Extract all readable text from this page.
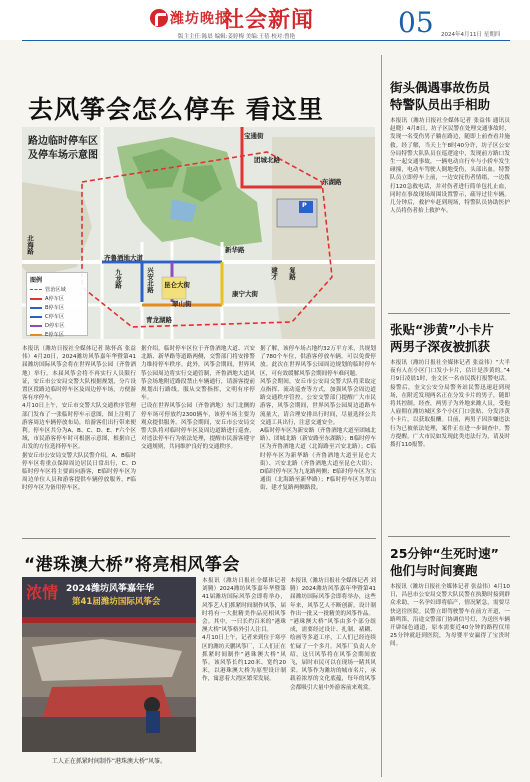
潍坊晚报
社会新闻
版主主任:陈晨 编辑:姜婷梅 美编:王蓓 校对:曾艳	05 2024年4月11日 星期四
去风筝会怎么停车 看这里
路边临时停车区
及停车场示意图
宝通街
团城北路
东湖路
北海路
齐鲁酒地大道
九龙路	兴安北路
新华路
昆仑大街
青龙湖路
康宁大街
建才 复路
翠山街
P
图例
管治区域
A停车区
B停车区
C停车区
D停车区
E停车区
本报讯（潍坊日报社全媒体记者 陈怀高 张益伟）4月20日，2024潍坊风筝嘉年华暨第41届潍坊国际风筝会将在世界风筝公园（齐鲁酒地）举行。本届风筝会将不再实行人员限行证，安丘市公安局交警大队根据规划，分片设置区段路边临时停车区及周边停车场，方便游客有序停车。
4月10日上午，安丘市交警大队交通秩序管理部门发布了一张临时停车示意图，图上注明了游客周边车辆停放布局，给游客们出行带来便利。停车区共分为A、B、C、D、E、F六个区域，市民游客停车时可根据示意图，根据自己出发的方位选择停车区。
据安丘市公安局交警大队民警介绍，A、B临时停车区将重点保障周边居民日常出行，C、D临时停车区将主要面向游客，E临时停车区为周边单位人员和游客提供车辆停放服务，F临时停车区为备用停车区。
据介绍，临时停车区位于齐鲁酒地大道、兴安北路、新华路等道路两侧，交警部门将安排警力维持停车秩序。此外，风筝会期间，世界风筝公园周边将实行交通管制，齐鲁酒地大道风筝会场地附近路段禁止车辆通行，请游客提前规划出行路线，服从交警指挥，文明有序停车。
已设在世界风筝公园（齐鲁酒地）东门北侧的停车场可停放约2300辆车，该停车场主要为观众提供服务。风筝会期间，安丘市公安局交警大队将对临时停车区及周边道路进行巡查，对违法停车行为依法处理，提醒市民游客遵守交通规则，共同维护良好的交通秩序。
据了解，该停车场占地约32万平方米，共规划了780个车位，供游客停放车辆，可以免费停放。此次在世界风筝公园周边规划的临时停车区，可有效缓解风筝会期间停车难问题。
风筝会期间，安丘市公安局交警大队将采取定点指挥、流动巡查等方式，加强风筝会周边道路交通秩序管控。公安交警部门提醒广大市民游客，风筝会期间，世界风筝公园周边道路车流量大，请合理安排出行时间，尽量选择公共交通工具出行，注意交通安全。
A临时停车区为新安路（齐鲁酒地大道至团城北路）、团城北路（新安路至东湖路）；B临时停车区为齐鲁酒地大道（北海路至兴安北路）；C临时停车区为新华路（齐鲁酒地大道至昆仑大街）、兴安北路（齐鲁酒地大道至昆仑大街）；D临时停车区为九龙路两侧；E临时停车区为宝通街（北海路至新华路）；F临时停车区为翠山街、建才复路两侧路段。
街头偶遇事故伤员
特警队员出手相助
本报讯（潍坊日报社全媒体记者 张益伟 通讯员 赵晓）4月8日，坊子区民警在处理交通事故时，发现一名受伤男子躺在路边，随即上前查看并施救。经了解，当天上午8时40分许，坊子区公安分局特警大队队员在巡逻途中，发现前方路口发生一起交通事故，一辆电动自行车与小轿车发生碰撞，电动车驾驶人倒地受伤，头部出血。特警队员立即停车上前，一边安抚伤者情绪，一边拨打120急救电话，并对伤者进行简单包扎止血，同时在事故现场周围设置警示，疏导过往车辆。几分钟后，救护车赶到现场，特警队员协助医护人员将伤者抬上救护车。
张贴“涉黄”小卡片
两男子深夜被抓获
本报讯（潍坊日报社全媒体记者 张益伟）“大半夜有人在小区门口发小卡片，估计是涉黄的。”4月9日凌晨1时，奎文区一名市民拨打报警电话。接警后，奎文公安分局警务站民警迅速赶到现场，在附近发现两名正在分发卡片的男子，随即将其控制。经查，两男子为外地来潍人员，受他人雇佣在潍坊城区多个小区门口张贴、分发涉黄小卡片，以获取报酬。目前，两男子因涉嫌违法行为已被依法处理，案件正在进一步调查中。警方提醒，广大市民如发现此类违法行为，请及时拨打110报警。
25分钟“生死时速”
他们与时间赛跑
本报讯（潍坊日报社全媒体记者 张益伟）4月10日，昌邑市公安局交警大队民警在执勤时接到群众求助，一名孕妇即将临产，情况紧急，需要尽快送往医院。民警立即驾驶警车在前方开道，一路鸣笛，沿途交警部门协调信号灯，为送医车辆开辟绿色通道，原本需要近40分钟的路程仅用25分钟就赶到医院，为母婴平安赢得了宝贵时间。
“港珠澳大桥”将亮相风筝会
浓情 2024潍坊风筝嘉年华
第41届潍坊国际风筝会
工人正在抓紧时间制作“港珠澳大桥”风筝。
本报讯（潍坊日报社全媒体记者 刘腾）2024潍坊风筝嘉年华暨第41届潍坊国际风筝会即将举办，风筝艺人们抓紧时间制作风筝，届时将有一大批精美作品亮相风筝会。其中，一只长约百米的“港珠澳大桥”风筝格外引人注目。
4月10日上午，记者来到位于寒亭区的潍坊天鹏风筝厂，工人们正在抓紧时间制作“港珠澳大桥”风筝。该风筝长约120米、宽约20米，以港珠澳大桥为原型设计制作，寓意着大湾区繁荣发展。
本报讯（潍坊日报社全媒体记者 刘腾）2024潍坊风筝嘉年华暨第41届潍坊国际风筝会即将举办，这些年来，风筝艺人不断创新，设计制作出一批又一批精美的风筝作品。
“港珠澳大桥”风筝由多个部分组成，需要经过设计、扎制、裱糊、绘画等多道工序，工人们已经连续忙碌了一个多月。风筝厂负责人介绍，这只风筝将在风筝会期间放飞，届时市民可以在现场一睹其风采。风筝作为潍坊的城市名片，承载着浓厚的文化底蕴，每年的风筝会都吸引大量中外游客前来观赏。
